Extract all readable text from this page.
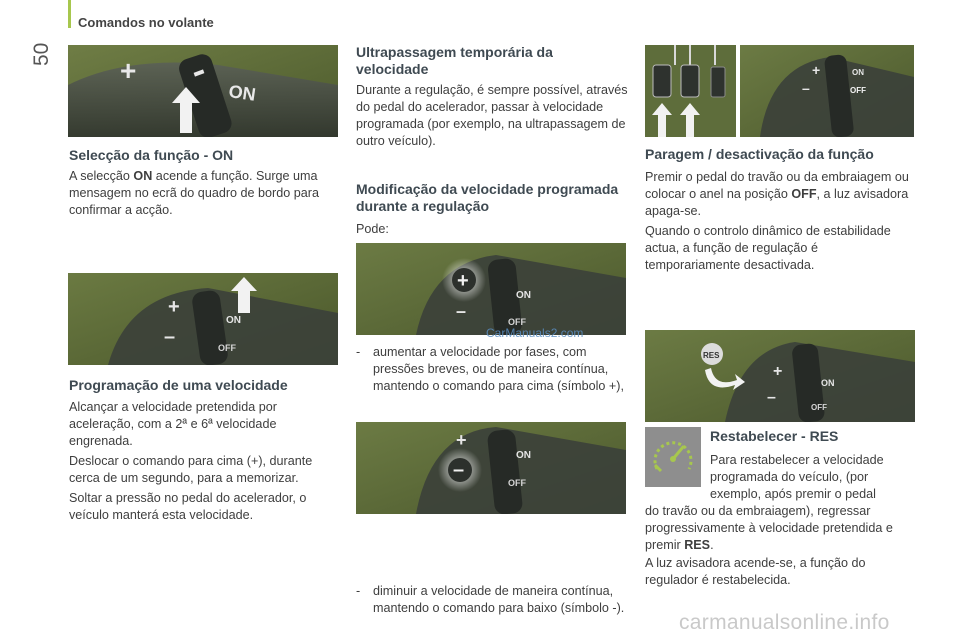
Comandos no volante
50
+
ON
Selecção da função - ON

A selecção ON acende a função. Surge uma mensagem no ecrã do quadro de bordo para confirmar a acção.

+
–
ON
OFF
Programação de uma velocidade

Alcançar a velocidade pretendida por aceleração, com a 2ª e 6ª velocidade engrenada.

Deslocar o comando para cima (+), durante cerca de um segundo, para a memorizar.

Soltar a pressão no pedal do acelerador, o veículo manterá esta velocidade.

Ultrapassagem temporária da velocidade

Durante a regulação, é sempre possível, através do pedal do acelerador, passar à velocidade programada (por exemplo, na ultrapassagem de outro veículo).

Modificação da velocidade programada durante a regulação

Pode:

+
–
ON
OFF
CarManuals2.com

- aumentar a velocidade por fases, com pressões breves, ou de maneira contínua, mantendo o comando para cima (símbolo +),

+
–
ON
OFF

- diminuir a velocidade de maneira contínua, mantendo o comando para baixo (símbolo -).

+
–
ON
OFF
Paragem / desactivação da função

Premir o pedal do travão ou da embraiagem ou colocar o anel na posição OFF, a luz avisadora apaga-se.

Quando o controlo dinâmico de estabilidade actua, a função de regulação é temporariamente desactivada.

RES
+
–
ON
OFF
Restabelecer - RES

Para restabelecer a velocidade

programada do veículo, (por

exemplo, após premir o pedal

do travão ou da embraiagem), regressar progressivamente à velocidade pretendida e premir RES.

A luz avisadora acende-se, a função do regulador é restabelecida.

carmanualsonline.info
